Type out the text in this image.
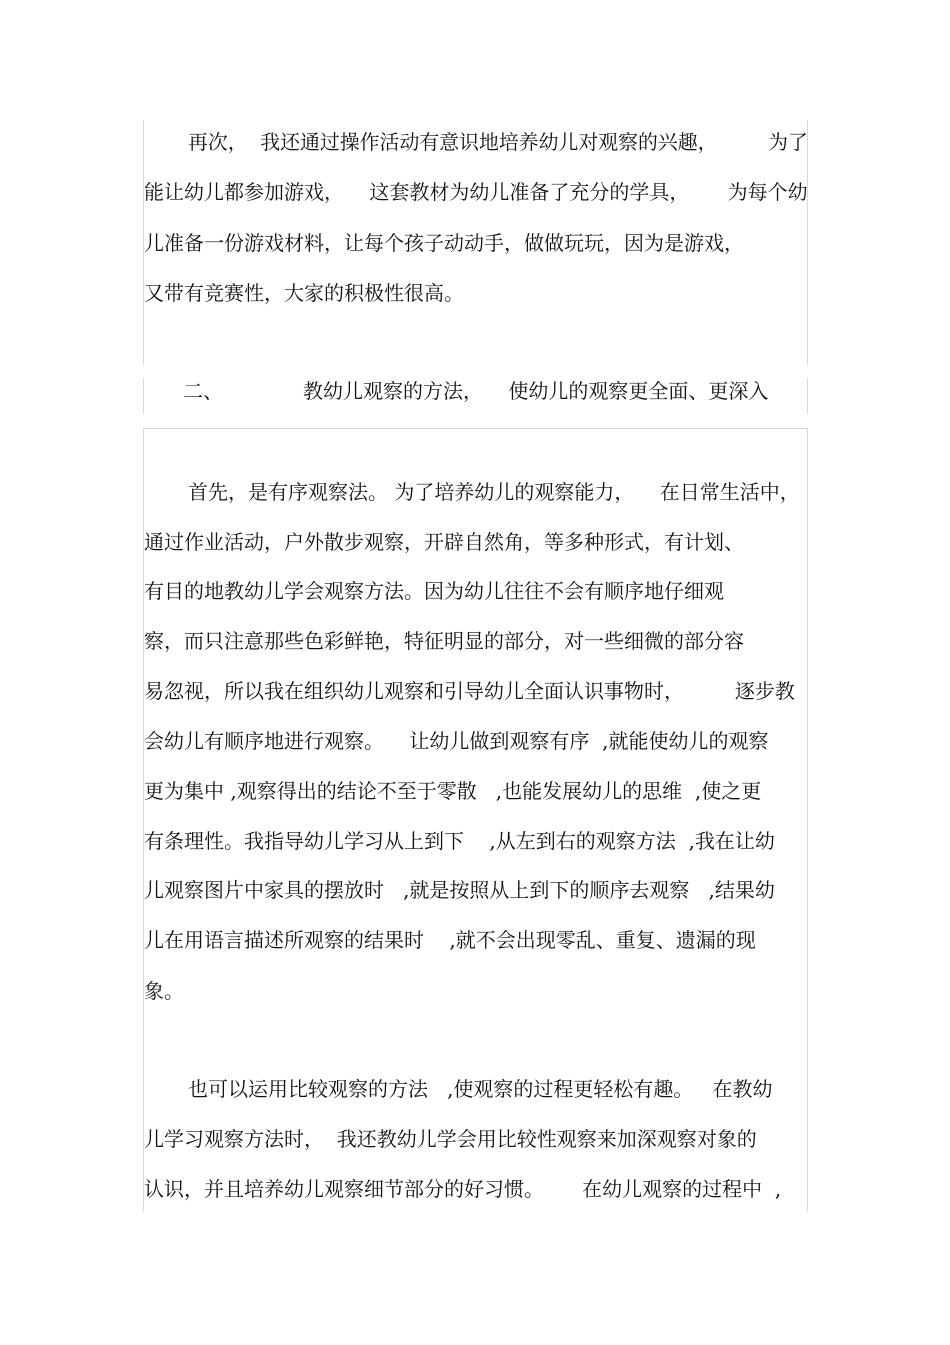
再次，  我还通过操作活动有意识地培养幼儿对观察的兴趣，        为了
能让幼儿都参加游戏，    这套教材为幼儿准备了充分的学具，      为每个幼
儿准备一份游戏材料，让每个孩子动动手，做做玩玩，因为是游戏，
又带有竞赛性，大家的积极性很高。
二、	教幼儿观察的方法，    使幼儿的观察更全面、更深入
首先，是有序观察法。 为了培养幼儿的观察能力，    在日常生活中，
通过作业活动，户外散步观察，开辟自然角，等多种形式，有计划、
有目的地教幼儿学会观察方法。因为幼儿往往不会有顺序地仔细观
察，而只注意那些色彩鲜艳，特征明显的部分，对一些细微的部分容
易忽视，所以我在组织幼儿观察和引导幼儿全面认识事物时，        逐步教
会幼儿有顺序地进行观察。    让幼儿做到观察有序  ,就能使幼儿的观察
更为集中 ,观察得出的结论不至于零散   ,也能发展幼儿的思维  ,使之更
有条理性。我指导幼儿学习从上到下    ,从左到右的观察方法  ,我在让幼
儿观察图片中家具的摆放时   ,就是按照从上到下的顺序去观察   ,结果幼
儿在用语言描述所观察的结果时    ,就不会出现零乱、重复、遗漏的现
象。
也可以运用比较观察的方法   ,使观察的过程更轻松有趣。   在教幼
儿学习观察方法时，  我还教幼儿学会用比较性观察来加深观察对象的
认识，并且培养幼儿观察细节部分的好习惯。      在幼儿观察的过程中  ,
